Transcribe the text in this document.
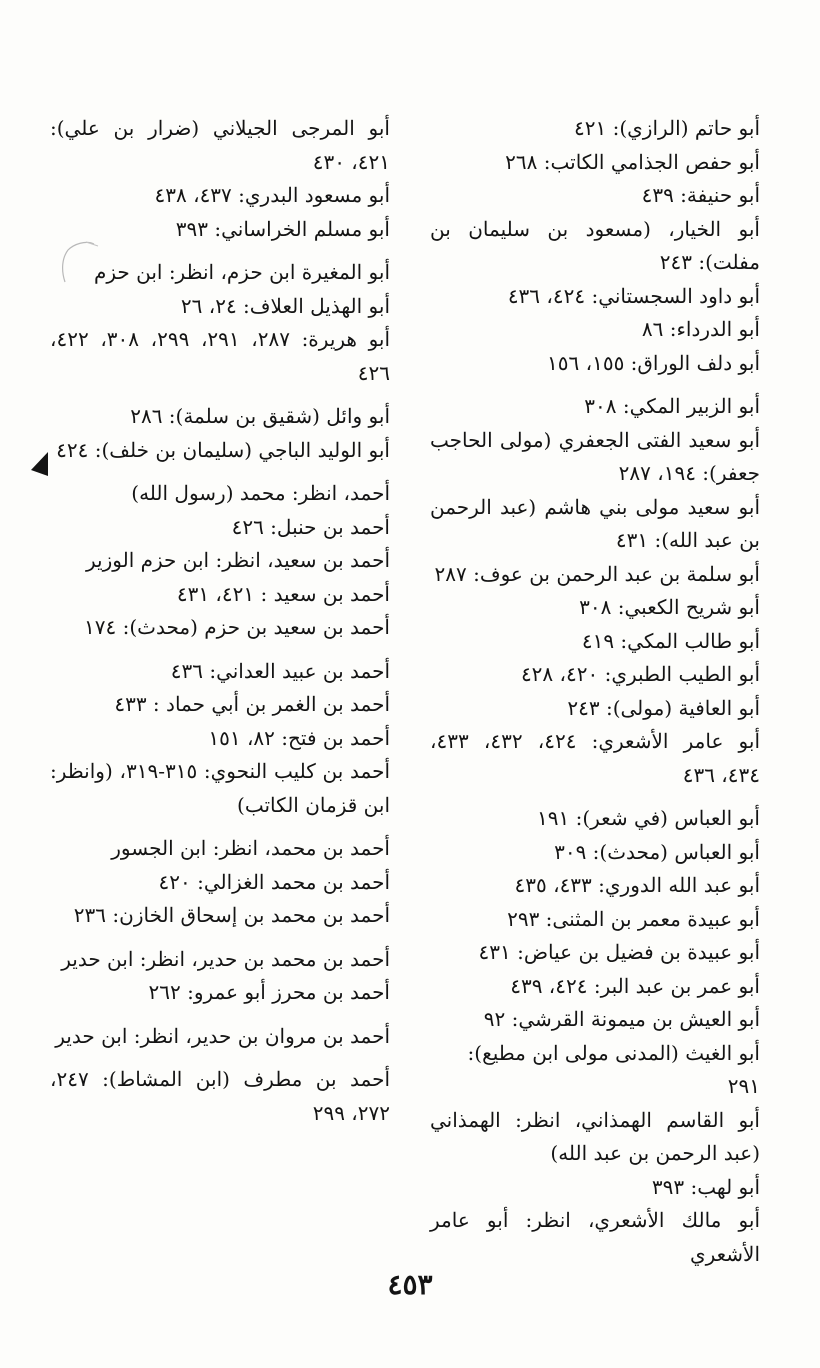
أبو حاتم (الرازي): ٤٢١

أبو حفص الجذامي الكاتب: ٢٦٨

أبو حنيفة: ٤٣٩

أبو الخيار، (مسعود بن سليمان بن مفلت): ٢٤٣

أبو داود السجستاني: ٤٢٤، ٤٣٦

أبو الدرداء: ٨٦

أبو دلف الوراق: ١٥٥، ١٥٦

أبو الزبير المكي: ٣٠٨

أبو سعيد الفتى الجعفري (مولى الحاجب جعفر): ١٩٤، ٢٨٧

أبو سعيد مولى بني هاشم (عبد الرحمن بن عبد الله): ٤٣١

أبو سلمة بن عبد الرحمن بن عوف: ٢٨٧

أبو شريح الكعبي: ٣٠٨

أبو طالب المكي: ٤١٩

أبو الطيب الطبري: ٤٢٠، ٤٢٨

أبو العافية (مولى): ٢٤٣

أبو عامر الأشعري: ٤٢٤، ٤٣٢، ٤٣٣، ٤٣٤، ٤٣٦

أبو العباس (في شعر): ١٩١

أبو العباس (محدث): ٣٠٩

أبو عبد الله الدوري: ٤٣٣، ٤٣٥

أبو عبيدة معمر بن المثنى: ٢٩٣

أبو عبيدة بن فضيل بن عياض: ٤٣١

أبو عمر بن عبد البر: ٤٢٤، ٤٣٩

أبو العيش بن ميمونة القرشي: ٩٢

أبو الغيث (المدنى مولى ابن مطيع): ٢٩١

أبو القاسم الهمذاني، انظر: الهمذاني (عبد الرحمن بن عبد الله)

أبو لهب: ٣٩٣

أبو مالك الأشعري، انظر: أبو عامر الأشعري

أبو المرجى الجيلاني (ضرار بن علي): ٤٢١، ٤٣٠

أبو مسعود البدري: ٤٣٧، ٤٣٨

أبو مسلم الخراساني: ٣٩٣

أبو المغيرة ابن حزم، انظر: ابن حزم

أبو الهذيل العلاف: ٢٤، ٢٦

أبو هريرة: ٢٨٧، ٢٩١، ٢٩٩، ٣٠٨، ٤٢٢، ٤٢٦

أبو وائل (شقيق بن سلمة): ٢٨٦

أبو الوليد الباجي (سليمان بن خلف): ٤٢٤

أحمد، انظر: محمد (رسول الله)

أحمد بن حنبل: ٤٢٦

أحمد بن سعيد، انظر: ابن حزم الوزير

أحمد بن سعيد : ٤٢١، ٤٣١

أحمد بن سعيد بن حزم (محدث): ١٧٤

أحمد بن عبيد العداني: ٤٣٦

أحمد بن الغمر بن أبي حماد : ٤٣٣

أحمد بن فتح: ٨٢، ١٥١

أحمد بن كليب النحوي: ٣١٥-٣١٩، (وانظر: ابن قزمان الكاتب)

أحمد بن محمد، انظر: ابن الجسور

أحمد بن محمد الغزالي: ٤٢٠

أحمد بن محمد بن إسحاق الخازن: ٢٣٦

أحمد بن محمد بن حدير، انظر: ابن حدير

أحمد بن محرز أبو عمرو: ٢٦٢

أحمد بن مروان بن حدير، انظر: ابن حدير

أحمد بن مطرف (ابن المشاط): ٢٤٧، ٢٧٢، ٢٩٩

٤٥٣
